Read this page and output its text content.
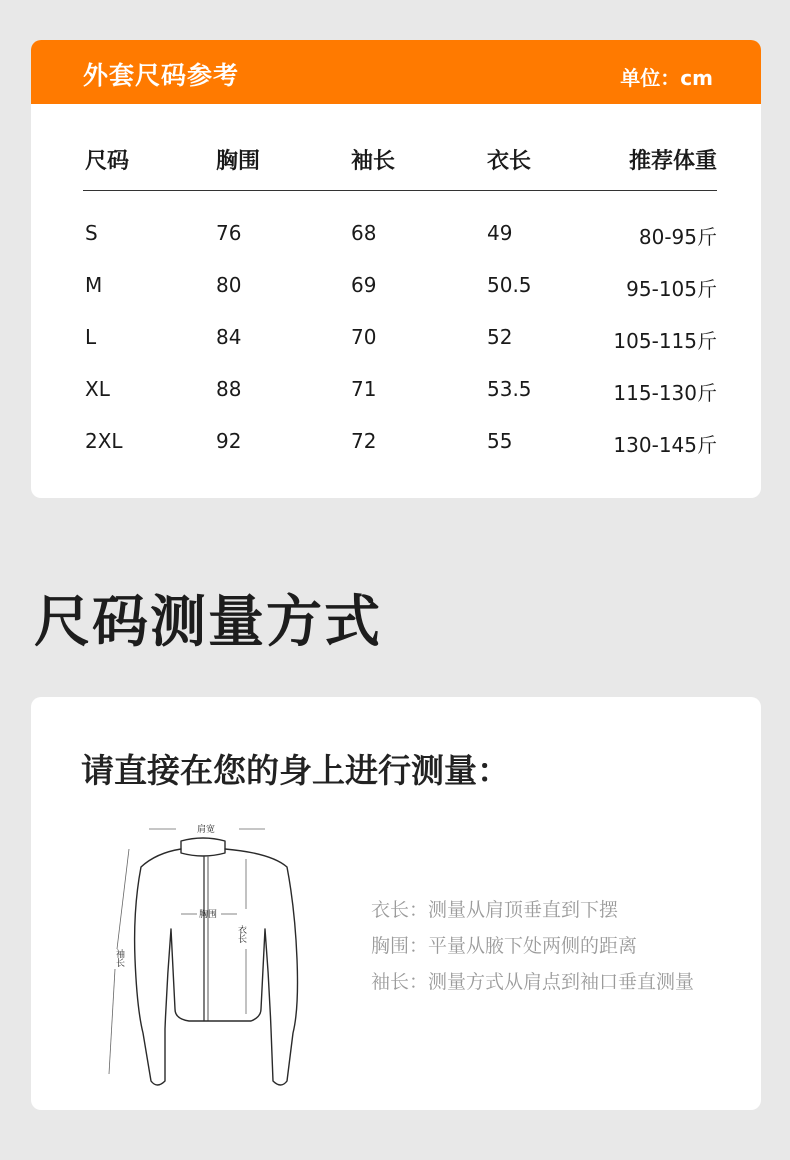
外套尺码参考	单位：cm
尺码	胸围	袖长	衣长	推荐体重
S	76	68	49	80-95斤
M	80	69	50.5	95-105斤
L	84	70	52	105-115斤
XL	88	71	53.5	115-130斤
2XL	92	72	55	130-145斤
尺码测量方式
请直接在您的身上进行测量：
肩宽
胸围
衣长
袖长
衣长：测量从肩顶垂直到下摆
胸围：平量从腋下处两侧的距离
袖长：测量方式从肩点到袖口垂直测量
